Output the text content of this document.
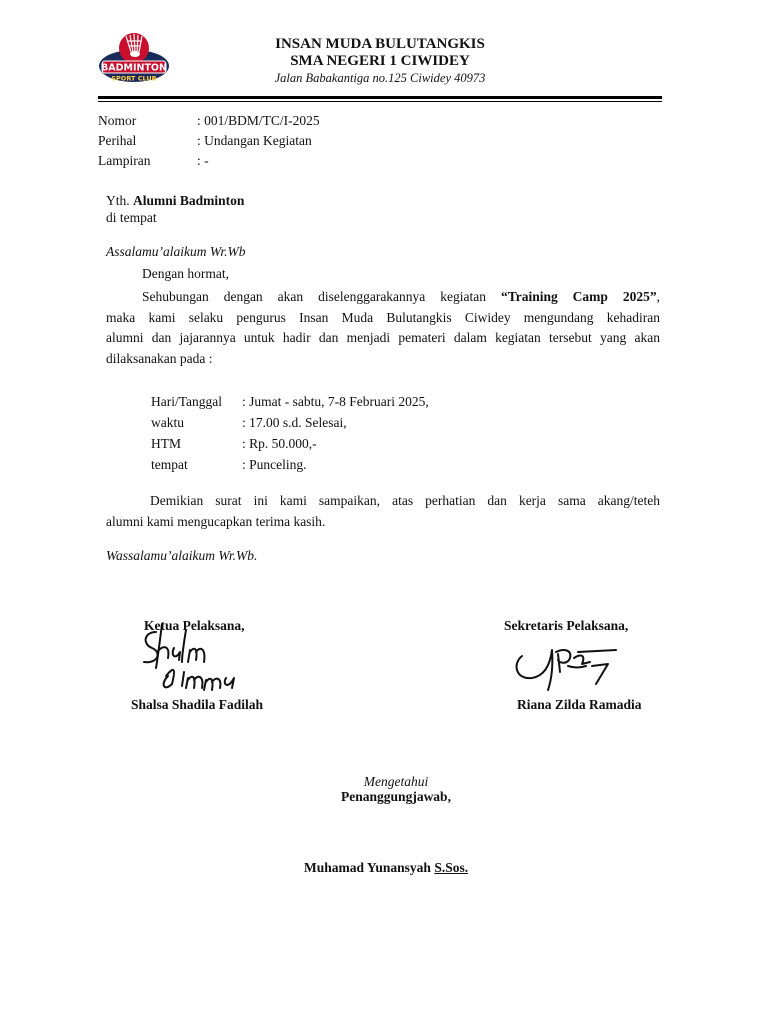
BADMINTON
SPORT CLUB
INSAN MUDA BULUTANGKIS
SMA NEGERI 1 CIWIDEY
Jalan Babakantiga no.125 Ciwidey 40973
Nomor	: 001/BDM/TC/I-2025
Perihal	: Undangan Kegiatan
Lampiran	: -
Yth. Alumni Badminton
di tempat
Assalamu’alaikum Wr.Wb
Dengan hormat,
Sehubungan dengan akan diselenggarakannya kegiatan “Training Camp 2025”,
maka kami selaku pengurus Insan Muda Bulutangkis Ciwidey mengundang kehadiran
alumni dan jajarannya untuk hadir dan menjadi pemateri dalam kegiatan tersebut yang akan
dilaksanakan pada :
Hari/Tanggal : Jumat - sabtu, 7-8 Februari 2025,
waktu	: 17.00 s.d. Selesai,
HTM	: Rp. 50.000,-
tempat	: Punceling.
Demikian surat ini kami sampaikan, atas perhatian dan kerja sama akang/teteh
alumni kami mengucapkan terima kasih.
Wassalamu’alaikum Wr.Wb.
Ketua Pelaksana,
Shalsa Shadila Fadilah
Sekretaris Pelaksana,
Riana Zilda Ramadia
Mengetahui
Penanggungjawab,
Muhamad Yunansyah S.Sos.
